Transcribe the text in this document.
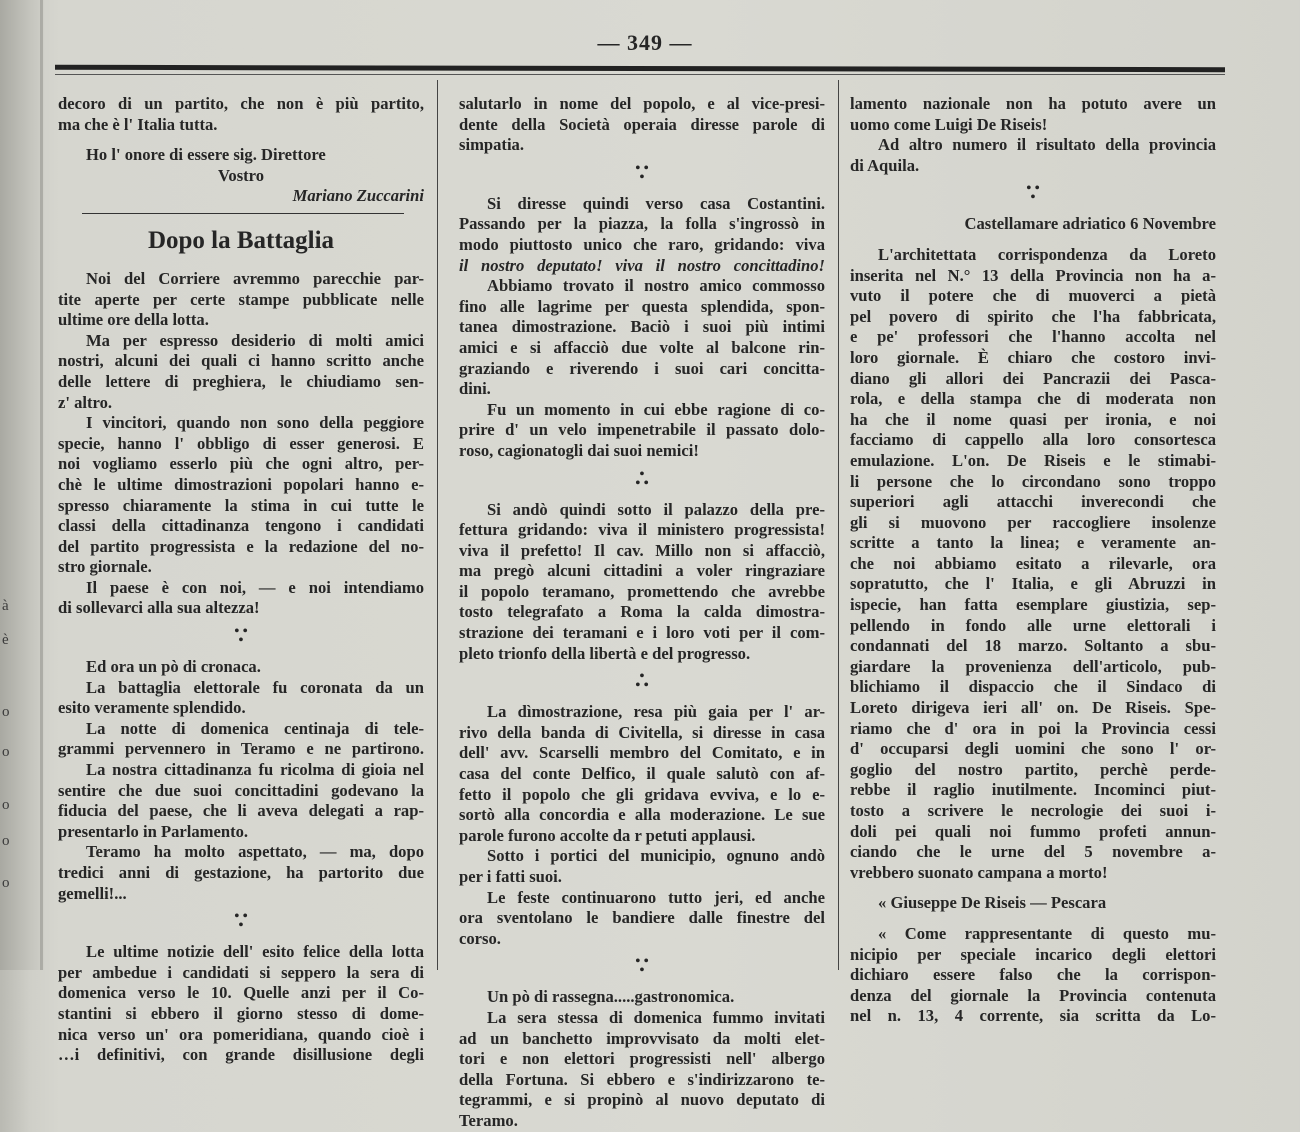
à
è
o
o
o
o
o
— 349 —
decoro di un partito, che non è più partito,
ma che è l' Italia tutta.
Ho l' onore di essere sig. Direttore
Vostro
Mariano Zuccarini
Dopo la Battaglia
Noi del Corriere avremmo parecchie par-
tite aperte per certe stampe pubblicate nelle
ultime ore della lotta.
Ma per espresso desiderio di molti amici
nostri, alcuni dei quali ci hanno scritto anche
delle lettere di preghiera, le chiudiamo sen-
z' altro.
I vincitori, quando non sono della peggiore
specie, hanno l' obbligo di esser generosi. E
noi vogliamo esserlo più che ogni altro, per-
chè le ultime dimostrazioni popolari hanno e-
spresso chiaramente la stima in cui tutte le
classi della cittadinanza tengono i candidati
del partito progressista e la redazione del no-
stro giornale.
Il paese è con noi, — e noi intendiamo
di sollevarci alla sua altezza!
• •
•
Ed ora un pò di cronaca.
La battaglia elettorale fu coronata da un
esito veramente splendido.
La notte di domenica centinaja di tele-
grammi pervennero in Teramo e ne partirono.
La nostra cittadinanza fu ricolma di gioia nel
sentire che due suoi concittadini godevano la
fiducia del paese, che li aveva delegati a rap-
presentarlo in Parlamento.
Teramo ha molto aspettato, — ma, dopo
tredici anni di gestazione, ha partorito due
gemelli!...
• •
•
Le ultime notizie dell' esito felice della lotta
per ambedue i candidati si seppero la sera di
domenica verso le 10. Quelle anzi per il Co-
stantini si ebbero il giorno stesso di dome-
nica verso un' ora pomeridiana, quando cioè i
…i definitivi, con grande disillusione degli
salutarlo in nome del popolo, e al vice-presi-
dente della Società operaia diresse parole di
simpatia.
• •
•
Si diresse quindi verso casa Costantini.
Passando per la piazza, la folla s'ingrossò in
modo piuttosto unico che raro, gridando: viva
il nostro deputato! viva il nostro concittadino!
Abbiamo trovato il nostro amico commosso
fino alle lagrime per questa splendida, spon-
tanea dimostrazione. Baciò i suoi più intimi
amici e si affacciò due volte al balcone rin-
graziando e riverendo i suoi cari concitta-
dini.
Fu un momento in cui ebbe ragione di co-
prire d' un velo impenetrabile il passato dolo-
roso, cagionatogli dai suoi nemici!
•
• •
Si andò quindi sotto il palazzo della pre-
fettura gridando: viva il ministero progressista!
viva il prefetto! Il cav. Millo non si affacciò,
ma pregò alcuni cittadini a voler ringraziare
il popolo teramano, promettendo che avrebbe
tosto telegrafato a Roma la calda dimostra-
strazione dei teramani e i loro voti per il com-
pleto trionfo della libertà e del progresso.
•
• •
La dìmostrazione, resa più gaia per l' ar-
rivo della banda di Civitella, si diresse in casa
dell' avv. Scarselli membro del Comitato, e in
casa del conte Delfico, il quale salutò con af-
fetto il popolo che gli gridava evviva, e lo e-
sortò alla concordia e alla moderazione. Le sue
parole furono accolte da r petuti applausi.
Sotto i portici del municipio, ognuno andò
per i fatti suoi.
Le feste continuarono tutto jeri, ed anche
ora sventolano le bandiere dalle finestre del
corso.
• •
•
Un pò di rassegna.....gastronomica.
La sera stessa di domenica fummo invitati
ad un banchetto improvvisato da molti elet-
tori e non elettori progressisti nell' albergo
della Fortuna. Si ebbero e s'indirizzarono te-
tegrammi, e si propinò al nuovo deputato di
Teramo.
lamento nazionale non ha potuto avere un
uomo come Luigi De Riseis!
Ad altro numero il risultato della provincia
di Aquila.
• •
•
Castellamare adriatico 6 Novembre
L'architettata corrispondenza da Loreto
inserita nel N.° 13 della Provincia non ha a-
vuto il potere che di muoverci a pietà
pel povero di spirito che l'ha fabbricata,
e pe' professori che l'hanno accolta nel
loro giornale. È chiaro che costoro invi-
diano gli allori dei Pancrazii dei Pasca-
rola, e della stampa che di moderata non
ha che il nome quasi per ironia, e noi
facciamo di cappello alla loro consortesca
emulazione. L'on. De Riseis e le stimabi-
li persone che lo circondano sono troppo
superiori agli attacchi inverecondi che
gli si muovono per raccogliere insolenze
scritte a tanto la linea; e veramente an-
che noi abbiamo esitato a rilevarle, ora
sopratutto, che l' Italia, e gli Abruzzi in
ispecie, han fatta esemplare giustizia, sep-
pellendo in fondo alle urne elettorali i
condannati del 18 marzo. Soltanto a sbu-
giardare la provenienza dell'articolo, pub-
blichiamo il dispaccio che il Sindaco di
Loreto dirigeva ieri all' on. De Riseis. Spe-
riamo che d' ora in poi la Provincia cessi
d' occuparsi degli uomini che sono l' or-
goglio del nostro partito, perchè perde-
rebbe il raglio inutilmente. Incominci piut-
tosto a scrivere le necrologie dei suoi i-
doli pei quali noi fummo profeti annun-
ciando che le urne del 5 novembre a-
vrebbero suonato campana a morto!
« Giuseppe De Riseis — Pescara
« Come rappresentante di questo mu-
nicipio per speciale incarico degli elettori
dichiaro essere falso che la corrispon-
denza del giornale la Provincia contenuta
nel n. 13, 4 corrente, sia scritta da Lo-
